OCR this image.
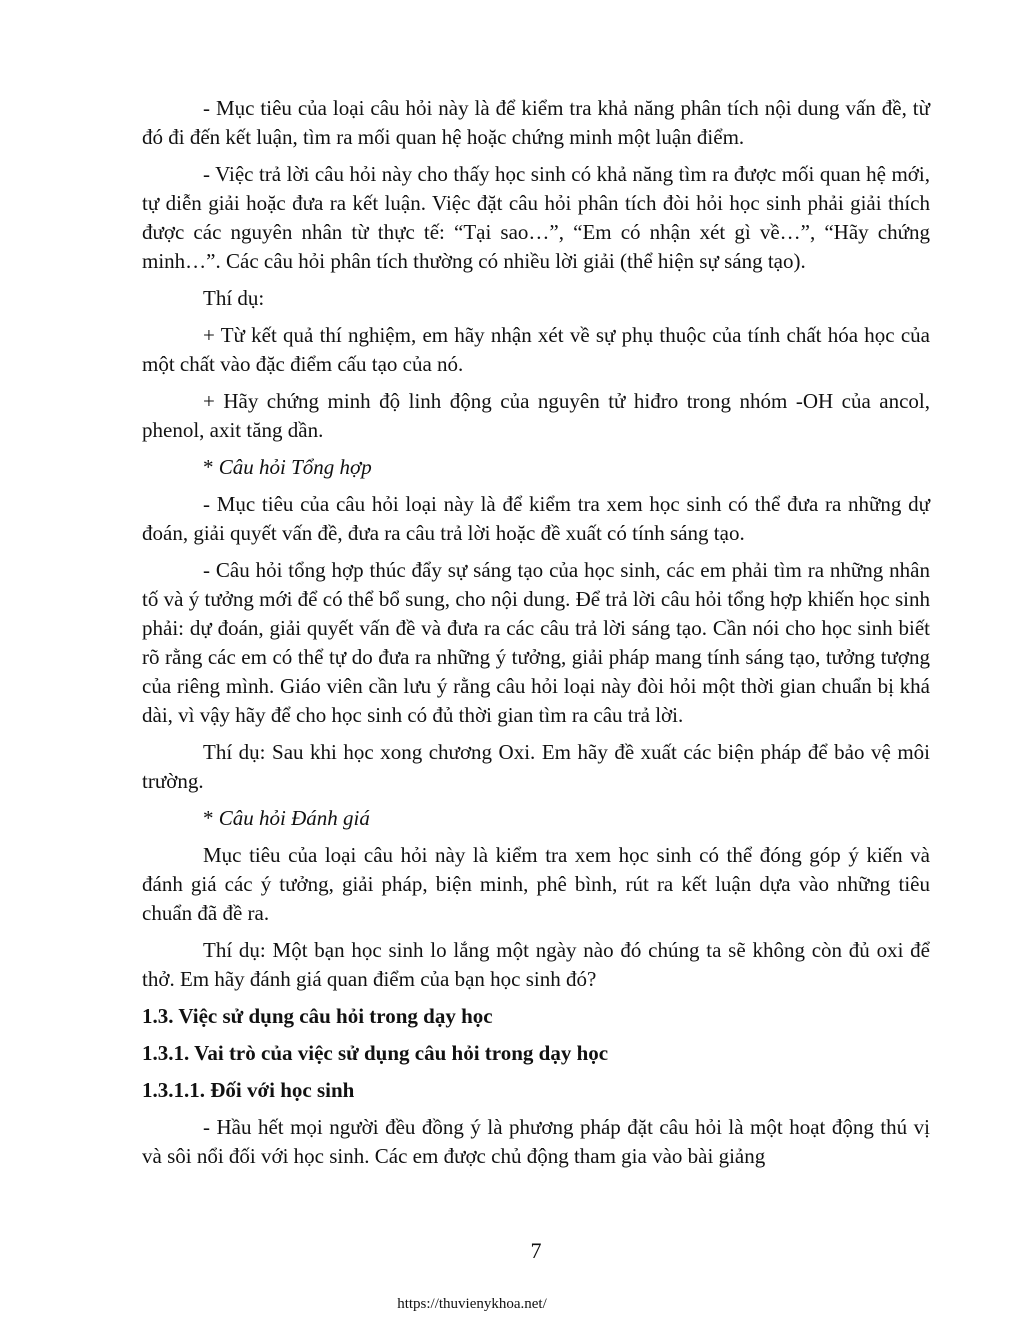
- Mục tiêu của loại câu hỏi này là để kiểm tra khả năng phân tích nội dung vấn đề, từ đó đi đến kết luận, tìm ra mối quan hệ hoặc chứng minh một luận điểm.

- Việc trả lời câu hỏi này cho thấy học sinh có khả năng tìm ra được mối quan hệ mới, tự diễn giải hoặc đưa ra kết luận. Việc đặt câu hỏi phân tích đòi hỏi học sinh phải giải thích được các nguyên nhân từ thực tế: “Tại sao…”, “Em có nhận xét gì về…”, “Hãy chứng minh…”. Các câu hỏi phân tích thường có nhiều lời giải (thể hiện sự sáng tạo).

Thí dụ:

+ Từ kết quả thí nghiệm, em hãy nhận xét về sự phụ thuộc của tính chất hóa học của một chất vào đặc điểm cấu tạo của nó.

+ Hãy chứng minh độ linh động của nguyên tử hiđro trong nhóm -OH của ancol, phenol, axit tăng dần.

* Câu hỏi Tổng hợp

- Mục tiêu của câu hỏi loại này là để kiểm tra xem học sinh có thể đưa ra những dự đoán, giải quyết vấn đề, đưa ra câu trả lời hoặc đề xuất có tính sáng tạo.

- Câu hỏi tổng hợp thúc đẩy sự sáng tạo của học sinh, các em phải tìm ra những nhân tố và ý tưởng mới để có thể bổ sung, cho nội dung. Để trả lời câu hỏi tổng hợp khiến học sinh phải: dự đoán, giải quyết vấn đề và đưa ra các câu trả lời sáng tạo. Cần nói cho học sinh biết rõ rằng các em có thể tự do đưa ra những ý tưởng, giải pháp mang tính sáng tạo, tưởng tượng của riêng mình. Giáo viên cần lưu ý rằng câu hỏi loại này đòi hỏi một thời gian chuẩn bị khá dài, vì vậy hãy để cho học sinh có đủ thời gian tìm ra câu trả lời.

Thí dụ: Sau khi học xong chương Oxi. Em hãy đề xuất các biện pháp để bảo vệ môi trường.

* Câu hỏi Đánh giá

Mục tiêu của loại câu hỏi này là kiểm tra xem học sinh có thể đóng góp ý kiến và đánh giá các ý tưởng, giải pháp, biện minh, phê bình, rút ra kết luận dựa vào những tiêu chuẩn đã đề ra.

Thí dụ: Một bạn học sinh lo lắng một ngày nào đó chúng ta sẽ không còn đủ oxi để thở. Em hãy đánh giá quan điểm của bạn học sinh đó?

1.3. Việc sử dụng câu hỏi trong dạy học

1.3.1. Vai trò của việc sử dụng câu hỏi trong dạy học

1.3.1.1. Đối với học sinh

- Hầu hết mọi người đều đồng ý là phương pháp đặt câu hỏi là một hoạt động thú vị và sôi nổi đối với học sinh. Các em được chủ động tham gia vào bài giảng

7
https://thuvienykhoa.net/
